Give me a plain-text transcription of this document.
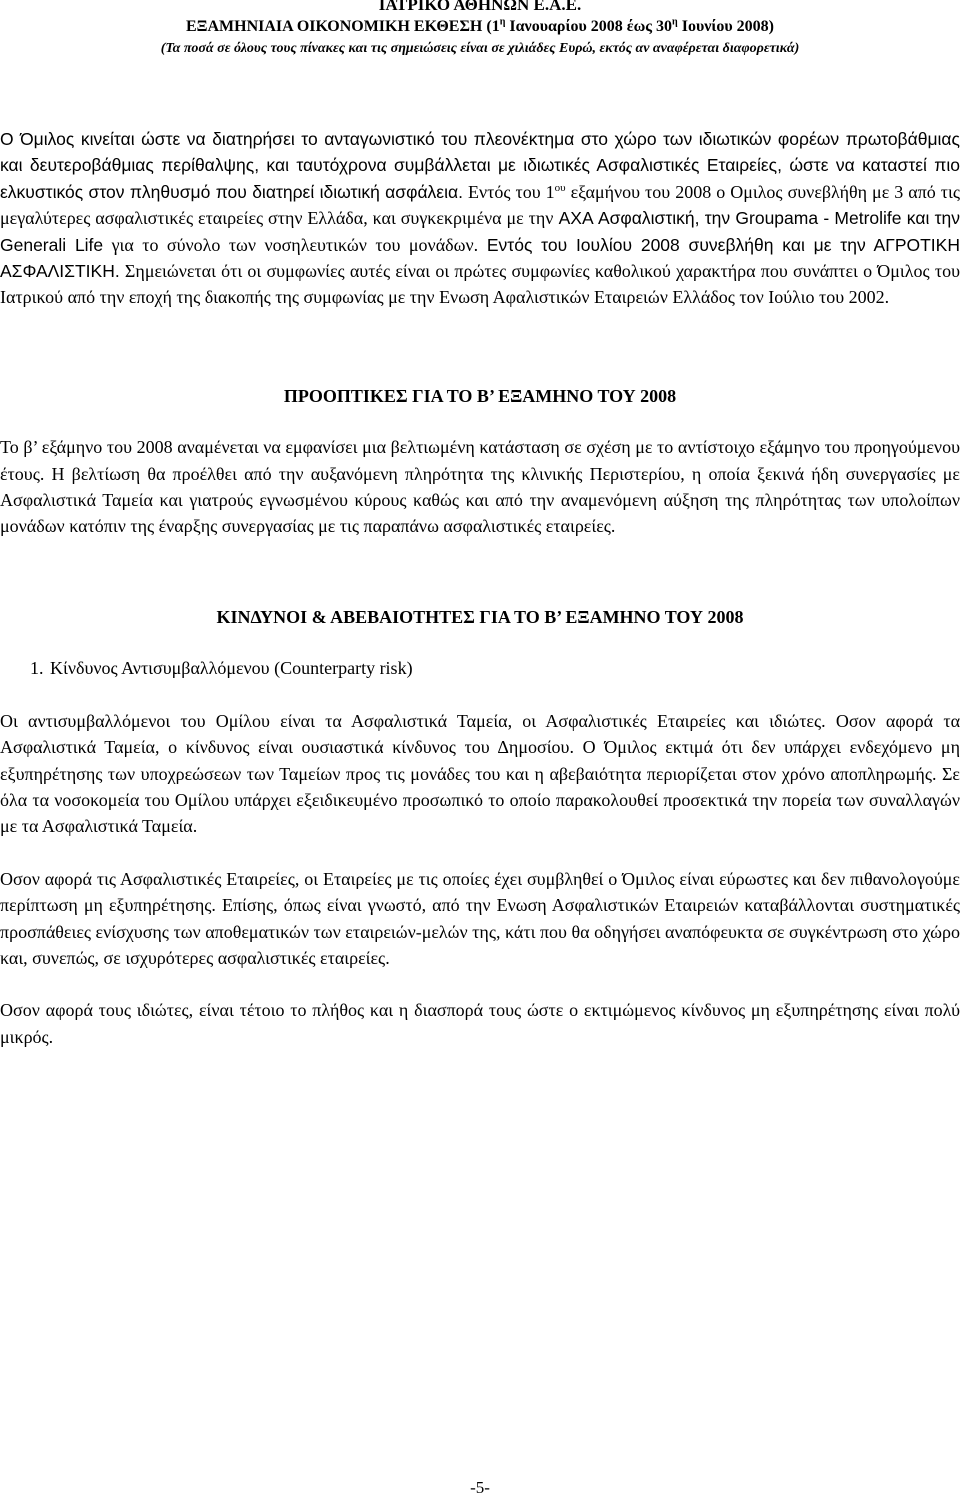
ΙΑΤΡΙΚΟ ΑΘΗΝΩΝ Ε.Α.Ε.
ΕΞΑΜΗΝΙΑΙΑ ΟΙΚΟΝΟΜΙΚΗ ΕΚΘΕΣΗ ($1^\eta$ Ιανουαρίου 2008 έως $30^\eta$ Ιουνίου 2008)
(Τα ποσά σε όλους τους πίνακες και τις σημειώσεις είναι σε χιλιάδες Ευρώ, εκτός αν αναφέρεται διαφορετικά)

Ο Όμιλος κινείται ώστε να διατηρήσει το ανταγωνιστικό του πλεονέκτημα στο χώρο των ιδιωτικών φορέων πρωτοβάθμιας και δευτεροβάθμιας περίθαλψης, και ταυτόχρονα συμβάλλεται με ιδιωτικές Ασφαλιστικές Εταιρείες, ώστε να καταστεί πιο ελκυστικός στον πληθυσμό που διατηρεί ιδιωτική ασφάλεια. Εντός του $1^{o\upsilon}$ εξαμήνου του 2008 ο Ομιλος συνεβλήθη με 3 από τις μεγαλύτερες ασφαλιστικές εταιρείες στην Ελλάδα, και συγκεκριμένα με την AXA Ασφαλιστική, την Groupama - Metrolife και την Generali Life για το σύνολο των νοσηλευτικών του μονάδων. Εντός του Ιουλίου 2008 συνεβλήθη και με την ΑΓΡΟΤΙΚΗ ΑΣΦΑΛΙΣΤΙΚΗ. Σημειώνεται ότι οι συμφωνίες αυτές είναι οι πρώτες συμφωνίες καθολικού χαρακτήρα που συνάπτει ο Όμιλος του Ιατρικού από την εποχή της διακοπής της συμφωνίας με την Ενωση Αφαλιστικών Εταιρειών Ελλάδος τον Ιούλιο του 2002.

ΠΡΟΟΠΤΙΚΕΣ ΓΙΑ ΤΟ Β’ ΕΞΑΜΗΝΟ ΤΟΥ 2008

Το β’ εξάμηνο του 2008 αναμένεται να εμφανίσει μια βελτιωμένη κατάσταση σε σχέση με το αντίστοιχο εξάμηνο του προηγούμενου έτους. Η βελτίωση θα προέλθει από την αυξανόμενη πληρότητα της κλινικής Περιστερίου, η οποία ξεκινά ήδη συνεργασίες με Ασφαλιστικά Ταμεία και γιατρούς εγνωσμένου κύρους καθώς και από την αναμενόμενη αύξηση της πληρότητας των υπολοίπων μονάδων κατόπιν της έναρξης συνεργασίας με τις παραπάνω ασφαλιστικές εταιρείες.

ΚΙΝΔΥΝΟΙ & ΑΒΕΒΑΙΟΤΗΤΕΣ ΓΙΑ ΤΟ Β’ ΕΞΑΜΗΝΟ ΤΟΥ 2008
1. Κίνδυνος Αντισυμβαλλόμενου (Counterparty risk)

Οι αντισυμβαλλόμενοι του Ομίλου είναι τα Ασφαλιστικά Ταμεία, οι Ασφαλιστικές Εταιρείες και ιδιώτες. Οσον αφορά τα Ασφαλιστικά Ταμεία, ο κίνδυνος είναι ουσιαστικά κίνδυνος του Δημοσίου. Ο Όμιλος εκτιμά ότι δεν υπάρχει ενδεχόμενο μη εξυπηρέτησης των υποχρεώσεων των Ταμείων προς τις μονάδες του και η αβεβαιότητα περιορίζεται στον χρόνο αποπληρωμής. Σε όλα τα νοσοκομεία του Ομίλου υπάρχει εξειδικευμένο προσωπικό το οποίο παρακολουθεί προσεκτικά την πορεία των συναλλαγών με τα Ασφαλιστικά Ταμεία.

Οσον αφορά τις Ασφαλιστικές Εταιρείες, οι Εταιρείες με τις οποίες έχει συμβληθεί ο Όμιλος είναι εύρωστες και δεν πιθανολογούμε περίπτωση μη εξυπηρέτησης. Επίσης, όπως είναι γνωστό, από την Ενωση Ασφαλιστικών Εταιρειών καταβάλλονται συστηματικές προσπάθειες ενίσχυσης των αποθεματικών των εταιρειών-μελών της, κάτι που θα οδηγήσει αναπόφευκτα σε συγκέντρωση στο χώρο και, συνεπώς, σε ισχυρότερες ασφαλιστικές εταιρείες.

Οσον αφορά τους ιδιώτες, είναι τέτοιο το πλήθος και η διασπορά τους ώστε ο εκτιμώμενος κίνδυνος μη εξυπηρέτησης είναι πολύ μικρός.

-5-
